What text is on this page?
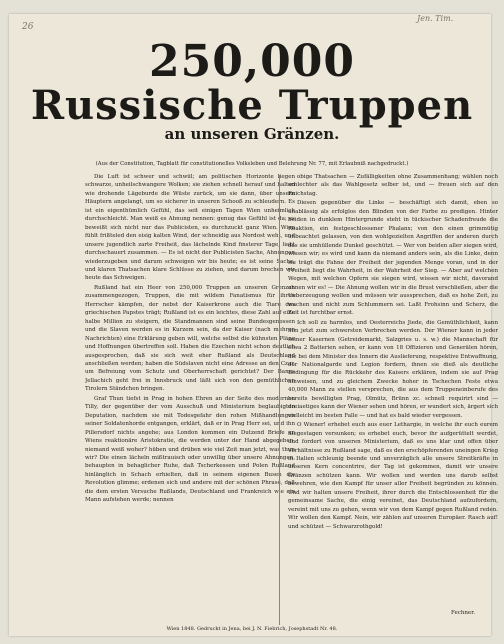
26
Jen. Tim.
250,000
Russische Truppen
an unseren Gränzen.
(Aus der Constitution, Tagblatt für constitutionelles Volksleben und Belehrung Nr. 77, mit Erlaubniß nachgedruckt.)

Die Luft ist schwer und schwül; am politischen Horizonte liegen schwarze, unheilschwangere Wolken; sie ziehen schnell herauf und halten wie drohende Lägeburde die Wüste zurück, um sie dann, über unsern Häuptern angelangt, um so sicherer in unseren Schooß zu schleudern. Es ist ein eigenthümlich Gefühl, das seit einigen Tagen Wien unheimlich durchschleicht. Man weiß es Ahnung nennen: genug das Gefühl ist da; es beweißt sich nicht nur das Publicisten, es durchzuckt ganz Wien. Wien fühlt frißteled den eisig kalten Wind, der schneidig aus Nordost weht, und unsere jugendlich zarte Freiheit, das lächelnde Kind finsterer Tage, liebt durchschauert zusammen. — Es ist nicht der Publicisten Sache, Ahnungen wiederzugeben und darum schweigen wir bis heute; es ist seine Sache, und klaren Thatsachen klare Schlüsse zu ziehen, und darum brechen wir heute das Schweigen.

Rußland hat ein Heer von 250,000 Truppen an unseren Grenzen zusammengezogen, Truppen, die mit wildem Fanatismus für ihren Herrscher kämpfen, der nebst der Kaiserkrone auch die Tiare des griechischen Papstes trägt; Rußland ist es ein leichtes, diese Zahl auf eine halbe Million zu steigern, die Standmannen sind seine Bundesgenossen und die Slaven werden es in Kurzem sein, da der Kaiser (nach mehren Nachrichten) eine Erklärung geben will, welche selbst die kühnsten Pläne und Hoffnungen übertreffen soll. Haben die Ezechen nicht schon deutlich ausgesprochen, daß sie sich weit eher Rußland als Deutschland anschließen werden; haben die Südslaven nicht eine Adresse an den Czar, um Befreiung vom Schutz und Oberherrschaft gerichtet? Der Banus Jellachich geht frei in Innsbruck und läßt sich von den gemüthlichen Tirolern Ständchen bringen.

Graf Thun tiefst in Prag in hohen Ehren an der Seite des modernen Tilly, der gegenüber der vom Ausschuß und Ministerium beglaubigten Deputation, nachdem sie mit Todesgefahr den rohen Mißhandlungen seiner Soldatenhorde entgangen, erklärt, daß er in Prag Herr sei, und ihn Pillersdorf nichts angehe; aus London kommen ein Dutzend Briefe an Wiens reaktionäre Aristokratie, die werden unter der Hand abgegeben, niemand weiß woher? hüben und drüben wie viel Zeit man jetzt, was thun wir? Die einen lächeln mißtrauisch oder unwillig über unsere Ahnungen, behaupten in behaglicher Ruhe, daß Tscherkessen und Polen Rußland hinlänglich in Schach erhielten, daß in seinem eigenen Busen die Revolution glimme; erdenen sich und andere mit der schönen Phrase, daß die dem ersten Versuche Rußlands, Deutschland und Frankreich wie ein Mann aufstehen werde; nennen

obige Thatsachen — Zufälligkeiten ohne Zusammenhang; wählen noch schlechter als das Wahlgesetz selber ist, und — freuen sich auf den Reichstag.

Diesen gegenüber die Linke — beschäftigt sich damit, eben so unablässig als erfolglos den Blinden von der Farbe zu predigen. Hinter beiden in dunklem Hintergrunde steht in tückischer Schadenfreude die Reaktion, ein festgeschlossener Phalanx; von den einen grimmütig unbeachtet gelassen, von den wohlgezielten Angriffen der anderen durch das sie umhüllende Dunkel geschützt. — Wer von beiden aller siegen wird, wissen wir; es wird und kann da niemand anders sein, als die Linke, denn sie trägt die Fahne der Freiheit der jegenden Menge voran, und in der Freiheit liegt die Wahrheit, in der Wahrheit der Sieg. — Aber auf welchen Wegen, mit welchen Opfern sie siegen wird, wissen wir nicht, davorand ahnen wir es! — Die Ahnung wollen wir in die Brust verschließen, aber die Ueberzeugung wollen und müssen wir aussprechen, daß es hohe Zeit, zu wachen und nicht zum Schlummern sei. Laßt Frohsinn und Scherz, die Zeit ist furchtbar ernst.

Ich soll zu harmlos, und Oesterreichs Jiede, die Gemüthlichkeit, kann ihm jetzt zum schwersten Verbrechen werden. Der Wiener kann in jeder seiner Kasernen (Getreidemarkt, Salzgries u. s. w.) die Mannschaft für etwa 2 Batterien sehen, er kann von 18 Offizieren und Generälen hören, die bei dem Minister des Innern die Auslieferung, respektive Entwaffnung, der Nationalgarde und Legion fordern, ihnen sie dieß als deutliche Bedingung für die Rückkehr des Kaisers erklären, indem sie auf Prag hinweisen, und zu gleichem Zwecke hoher in Tschechen Feste etwa 40,000 Mann zu stellen versprechen, die aus dem Truppeneinberufe des bereits bewilligten Prag, Olmütz, Brünn zc. schnell requirirt sind — dreiaetiges kann der Wiener sehen und hören, er wundert sich, ärgert sich vielleicht im besten Falle — und hat es bald wieder vergessen.

O Wiener! erhebet euch aus euer Lethargie, in welche ihr euch eurem Siegestagen versunken; es erhebet euch, bevor ihr aufgerüttelt werdet, und fordert von unseren Ministerium, daß es uns klar und offen über Verhältnisse zu Rußland sage, daß es den erschöpferenden uneingen Krieg in Italien schleunig beende und unverzüglich alle unsere Streitkräfte in unseren Kern concentrire, der Tag ist gekommen, damit wir unsere Gränzen schützen kann. Wir wollen und werden uns darob selbst bewehren, wie den Kampf für unser aller Freiheit begründen zu können. Und wir halten unsere Freiheit, ihrer durch die Entschlossenheit für die gemeinsame Sache, die einig vereinet, das Deutschland aufzufordern, vereint mit uns zu gehen, wenn wir von dem Kampf gegen Rußland reden. Wir wollen den Kampf. Nein, wir zählen auf unseren Europäer. Rasch auf! und schützet — Schwarzrothgold!

Fechner.
Wien 1848. Gedruckt in Jena, bei J. N. Fiebrich, Josephstadt Nr. 48.
